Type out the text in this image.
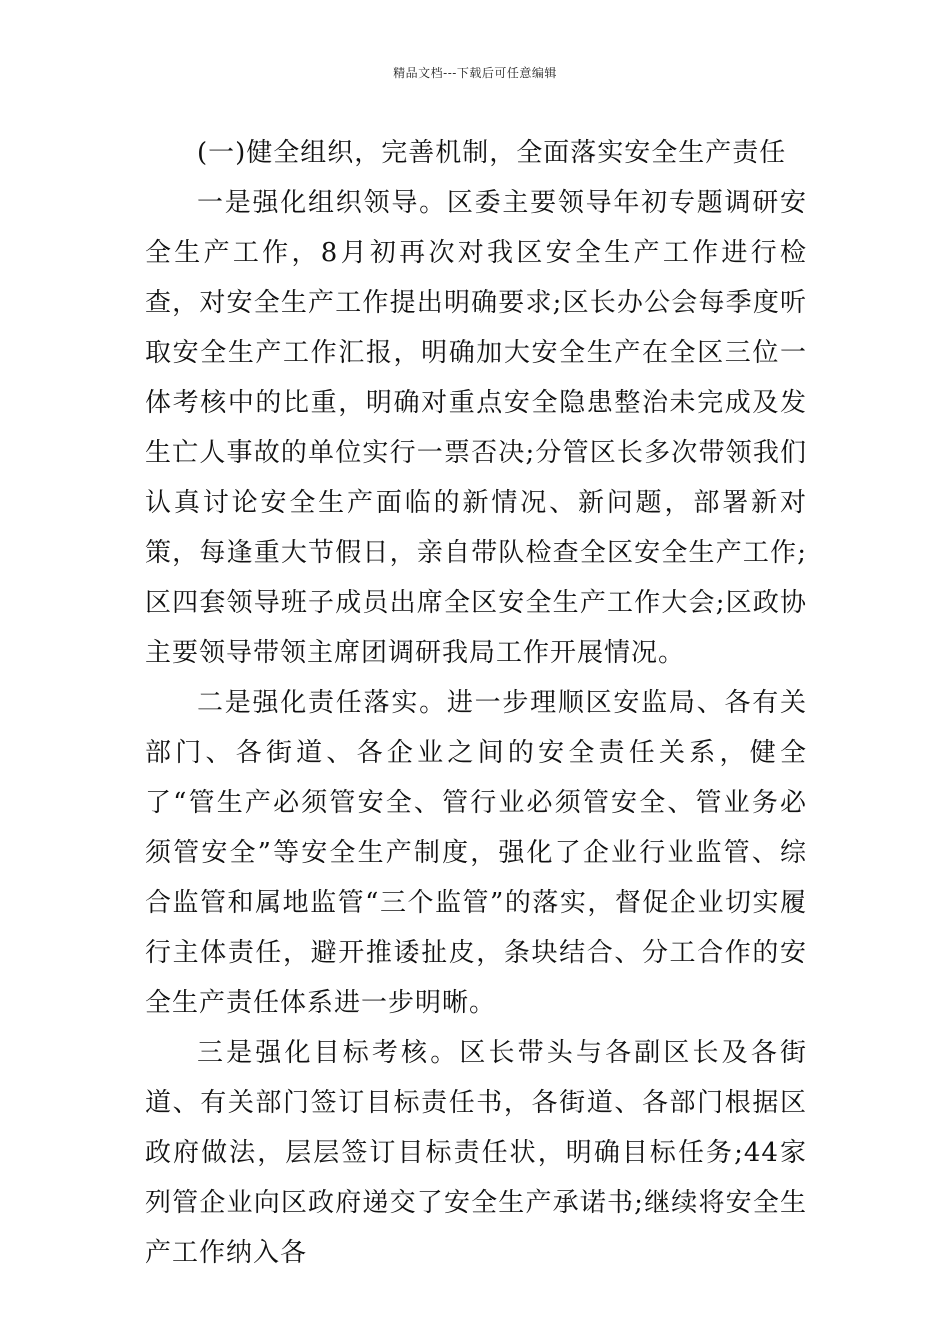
精品文档---下载后可任意编辑

(一)健全组织，完善机制，全面落实安全生产责任

一是强化组织领导。区委主要领导年初专题调研安全生产工作，8月初再次对我区安全生产工作进行检查，对安全生产工作提出明确要求;区长办公会每季度听取安全生产工作汇报，明确加大安全生产在全区三位一体考核中的比重，明确对重点安全隐患整治未完成及发生亡人事故的单位实行一票否决;分管区长多次带领我们认真讨论安全生产面临的新情况、新问题，部署新对策，每逢重大节假日，亲自带队检查全区安全生产工作;区四套领导班子成员出席全区安全生产工作大会;区政协主要领导带领主席团调研我局工作开展情况。

二是强化责任落实。进一步理顺区安监局、各有关部门、各街道、各企业之间的安全责任关系，健全了“管生产必须管安全、管行业必须管安全、管业务必须管安全”等安全生产制度，强化了企业行业监管、综合监管和属地监管“三个监管”的落实，督促企业切实履行主体责任，避开推诿扯皮，条块结合、分工合作的安全生产责任体系进一步明晰。

三是强化目标考核。区长带头与各副区长及各街道、有关部门签订目标责任书，各街道、各部门根据区政府做法，层层签订目标责任状，明确目标任务;44家列管企业向区政府递交了安全生产承诺书;继续将安全生产工作纳入各
